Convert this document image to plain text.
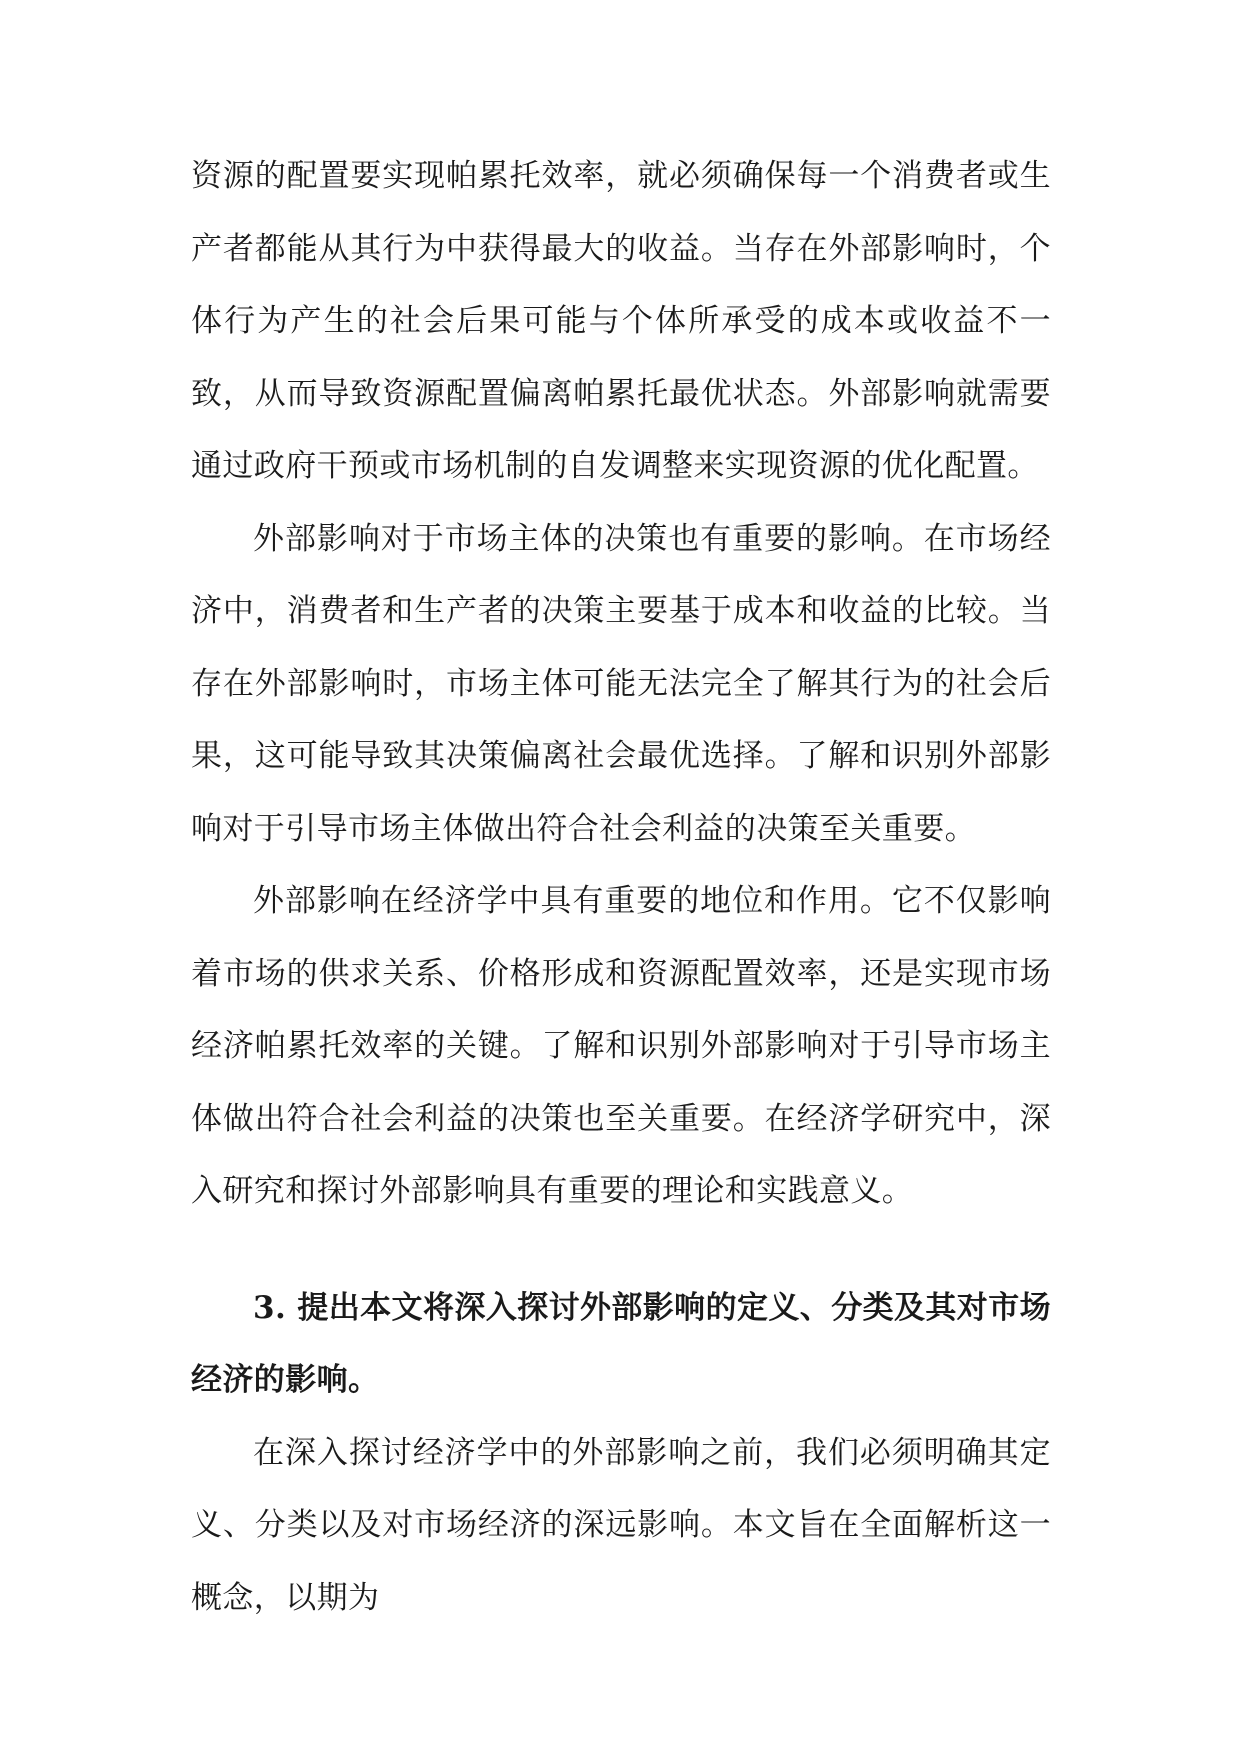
资源的配置要实现帕累托效率，就必须确保每一个消费者或生产者都能从其行为中获得最大的收益。当存在外部影响时，个体行为产生的社会后果可能与个体所承受的成本或收益不一致，从而导致资源配置偏离帕累托最优状态。外部影响就需要通过政府干预或市场机制的自发调整来实现资源的优化配置。

外部影响对于市场主体的决策也有重要的影响。在市场经济中，消费者和生产者的决策主要基于成本和收益的比较。当存在外部影响时，市场主体可能无法完全了解其行为的社会后果，这可能导致其决策偏离社会最优选择。了解和识别外部影响对于引导市场主体做出符合社会利益的决策至关重要。

外部影响在经济学中具有重要的地位和作用。它不仅影响着市场的供求关系、价格形成和资源配置效率，还是实现市场经济帕累托效率的关键。了解和识别外部影响对于引导市场主体做出符合社会利益的决策也至关重要。在经济学研究中，深入研究和探讨外部影响具有重要的理论和实践意义。

3. 提出本文将深入探讨外部影响的定义、分类及其对市场经济的影响。

在深入探讨经济学中的外部影响之前，我们必须明确其定义、分类以及对市场经济的深远影响。本文旨在全面解析这一概念，以期为
